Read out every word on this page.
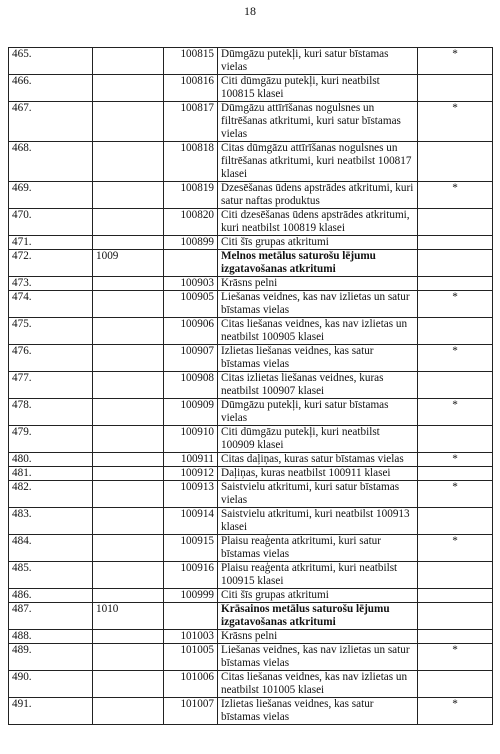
18
465.		100815	Dūmgāzu putekļi, kuri satur bīstamas vielas	*
466.		100816	Citi dūmgāzu putekļi, kuri neatbilst 100815 klasei	
467.		100817	Dūmgāzu attīrīšanas nogulsnes un filtrēšanas atkritumi, kuri satur bīstamas vielas	*
468.		100818	Citas dūmgāzu attīrīšanas nogulsnes un filtrēšanas atkritumi, kuri neatbilst 100817 klasei	
469.		100819	Dzesēšanas ūdens apstrādes atkritumi, kuri satur naftas produktus	*
470.		100820	Citi dzesēšanas ūdens apstrādes atkritumi, kuri neatbilst 100819 klasei	
471.		100899	Citi šīs grupas atkritumi	
472.	1009		Melnos metālus saturošu lējumu izgatavošanas atkritumi	
473.		100903	Krāsns pelni	
474.		100905	Liešanas veidnes, kas nav izlietas un satur bīstamas vielas	*
475.		100906	Citas liešanas veidnes, kas nav izlietas un neatbilst 100905 klasei	
476.		100907	Izlietas liešanas veidnes, kas satur bīstamas vielas	*
477.		100908	Citas izlietas liešanas veidnes, kuras neatbilst 100907 klasei	
478.		100909	Dūmgāzu putekļi, kuri satur bīstamas vielas	*
479.		100910	Citi dūmgāzu putekļi, kuri neatbilst 100909 klasei	
480.		100911	Citas daļiņas, kuras satur bīstamas vielas	*
481.		100912	Daļiņas, kuras neatbilst 100911 klasei	
482.		100913	Saistvielu atkritumi, kuri satur bīstamas vielas	*
483.		100914	Saistvielu atkritumi, kuri neatbilst 100913 klasei	
484.		100915	Plaisu reaģenta atkritumi, kuri satur bīstamas vielas	*
485.		100916	Plaisu reaģenta atkritumi, kuri neatbilst 100915 klasei	
486.		100999	Citi šīs grupas atkritumi	
487.	1010		Krāsainos metālus saturošu lējumu izgatavošanas atkritumi	
488.		101003	Krāsns pelni	
489.		101005	Liešanas veidnes, kas nav izlietas un satur bīstamas vielas	*
490.		101006	Citas liešanas veidnes, kas nav izlietas un neatbilst 101005 klasei	
491.		101007	Izlietas liešanas veidnes, kas satur bīstamas vielas	*
